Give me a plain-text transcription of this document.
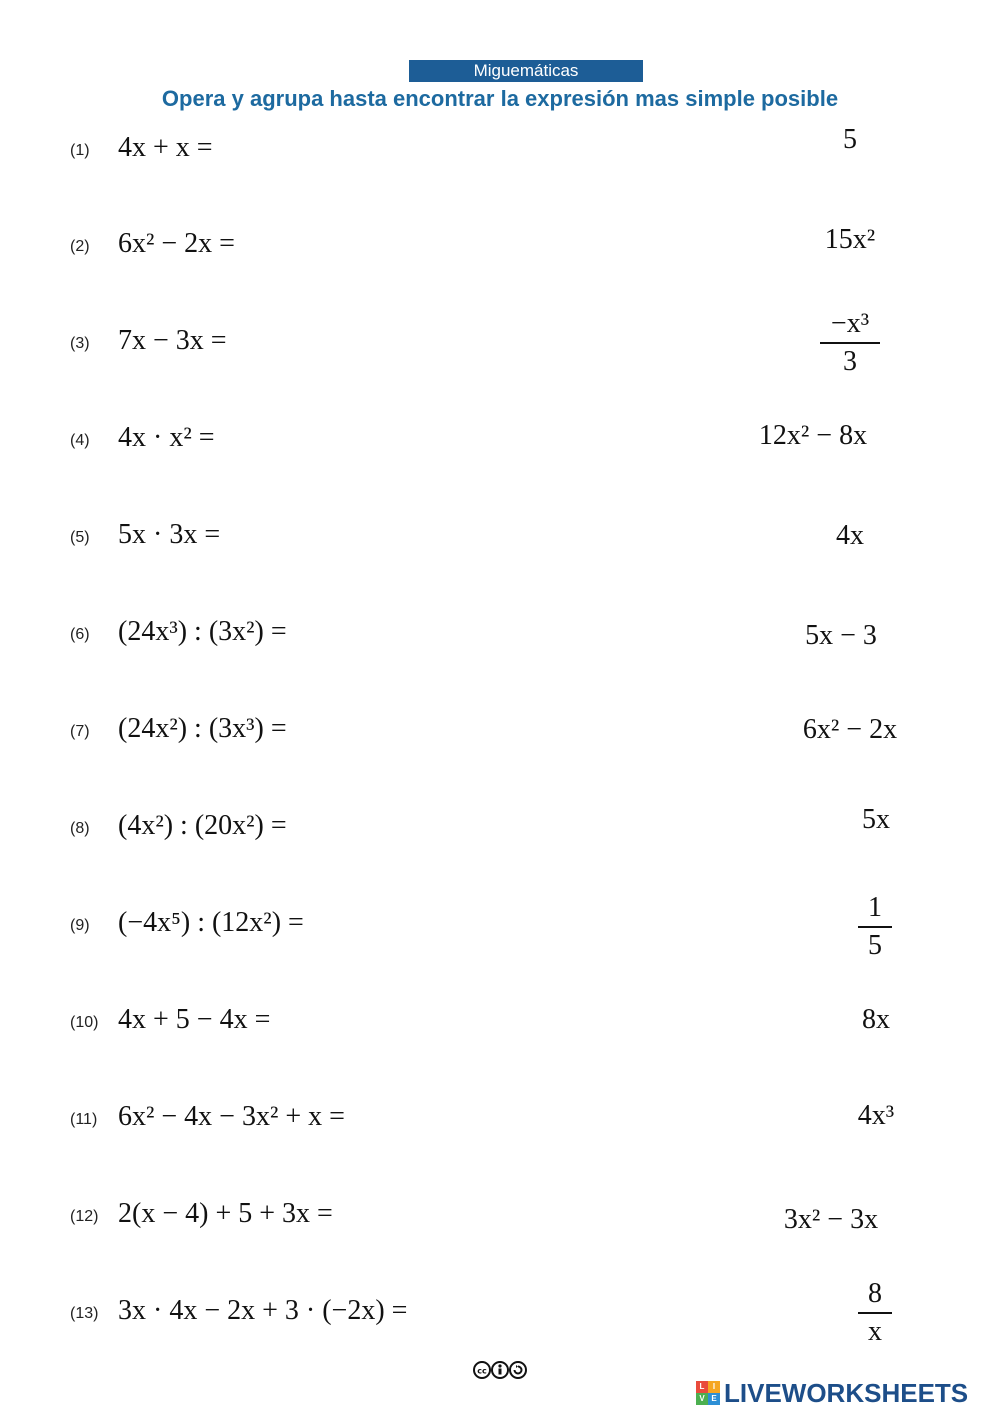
Miguemáticas
Opera y agrupa hasta encontrar la expresión mas simple posible
(1) 4x + x =
(2) 6x² − 2x =
(3) 7x − 3x =
(4) 4x · x² =
(5) 5x · 3x =
(6) (24x³) : (3x²) =
(7) (24x²) : (3x³) =
(8) (4x²) : (20x²) =
(9) (−4x⁵) : (12x²) =
(10) 4x + 5 − 4x =
(11) 6x² − 4x − 3x² + x =
(12) 2(x − 4) + 5 + 3x =
(13) 3x · 4x − 2x + 3 · (−2x) =
5
15x²
$\frac{\text{−x³}}{3}$
12x² − 8x
4x
5x − 3
6x² − 2x
5x
$\frac{1}{5}$
8x
4x³
3x² − 3x
$\frac{8}{x}$
cc
L	I
V E LIVEWORKSHEETS
